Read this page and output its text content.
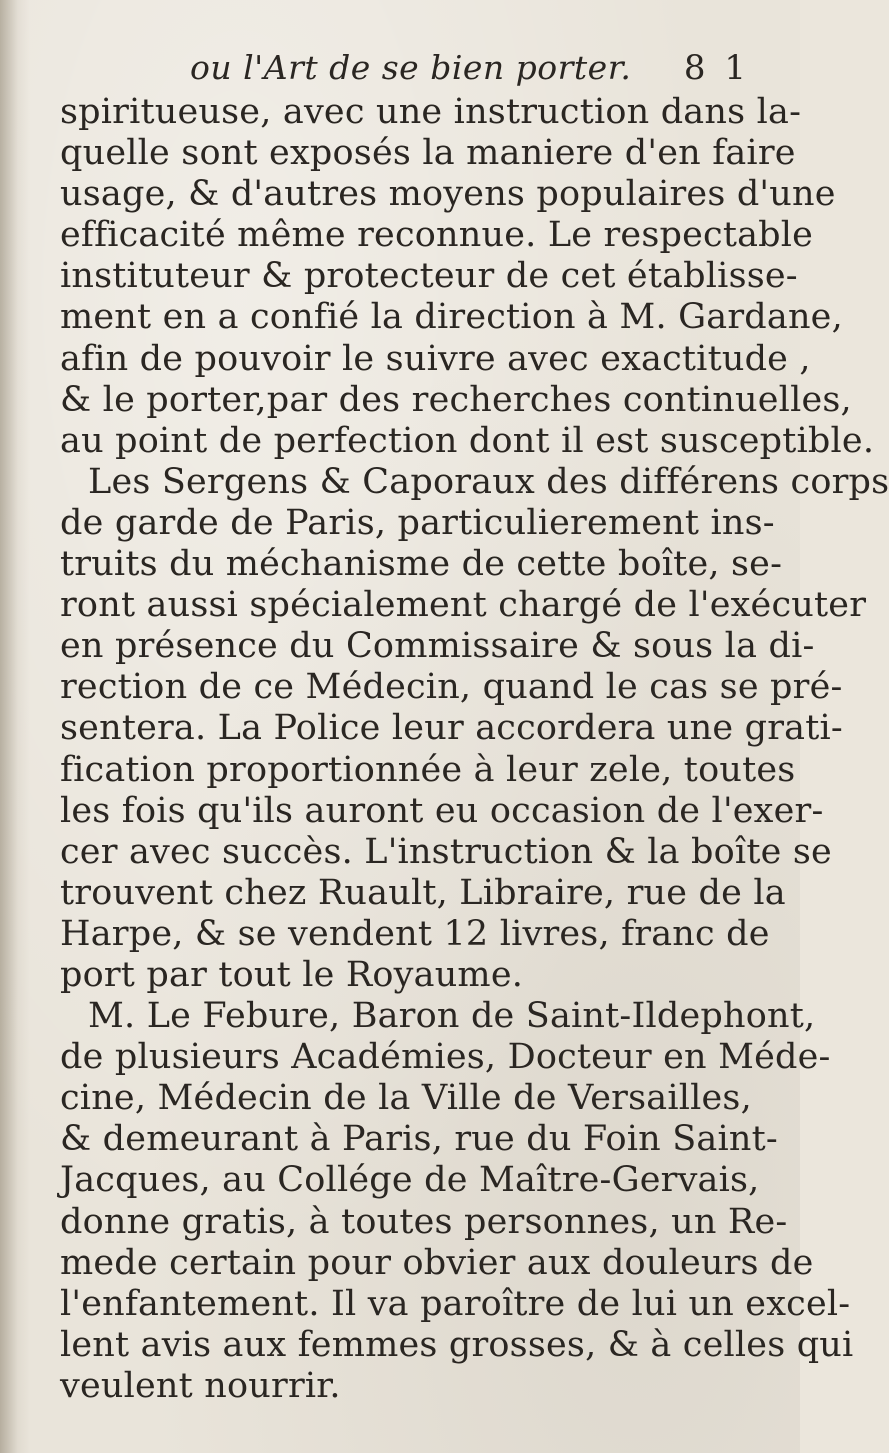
ou l'Art de se bien porter. 8 1
spiritueuse, avec une instruction dans la-
quelle sont exposés la maniere d'en faire
usage, & d'autres moyens populaires d'une
efficacité même reconnue. Le respectable
instituteur & protecteur de cet établisse-
ment en a confié la direction à M. Gardane,
afin de pouvoir le suivre avec exactitude ,
& le porter,par des recherches continuelles,
au point de perfection dont il est susceptible.
Les Sergens & Caporaux des différens corps
de garde de Paris, particulierement ins-
truits du méchanisme de cette boîte, se-
ront aussi spécialement chargé de l'exécuter
en présence du Commissaire & sous la di-
rection de ce Médecin, quand le cas se pré-
sentera. La Police leur accordera une grati-
fication proportionnée à leur zele, toutes
les fois qu'ils auront eu occasion de l'exer-
cer avec succès. L'instruction & la boîte se
trouvent chez Ruault, Libraire, rue de la
Harpe, & se vendent 12 livres, franc de
port par tout le Royaume.
M. Le Febure, Baron de Saint-Ildephont,
de plusieurs Académies, Docteur en Méde-
cine, Médecin de la Ville de Versailles,
& demeurant à Paris, rue du Foin Saint-
Jacques, au Collége de Maître-Gervais,
donne gratis, à toutes personnes, un Re-
mede certain pour obvier aux douleurs de
l'enfantement. Il va paroître de lui un excel-
lent avis aux femmes grosses, & à celles qui
veulent nourrir.
